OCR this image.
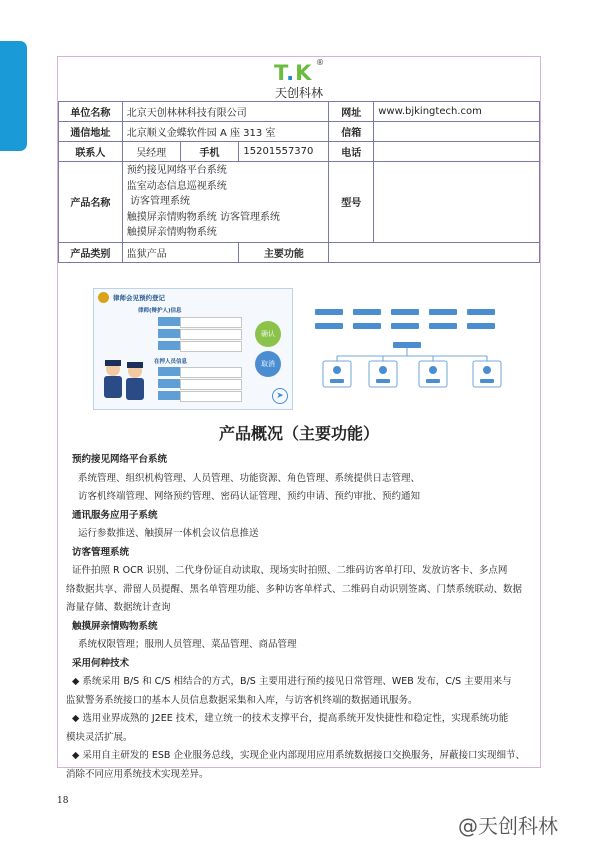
T.K ®
天创科林
单位名称	北京天创林林科技有限公司			网址	www.bjkingtech.com
通信地址	北京顺义金蝶软件园 A 座 313 室			信箱	
联系人	吴经理	手机	15201557370	电话	
产品名称	预约接见网络平台系统
监室动态信息巡视系统
访客管理系统
触摸屏亲情购物系统 访客管理系统
触摸屏亲情购物系统			型号	
产品类别	监狱产品		主要功能		
律师会见预约登记
律师(辩护人)信息
在押人员信息
确认
取消
➤
产品概况（主要功能）

预约接见网络平台系统

系统管理、组织机构管理、人员管理、功能资源、角色管理、系统提供日志管理、

访客机终端管理、网络预约管理、密码认证管理、预约申请、预约审批、预约通知

通讯服务应用子系统

运行参数推送、触摸屏一体机会议信息推送

访客管理系统

证件拍照 R OCR 识别、二代身份证自动读取、现场实时拍照、二维码访客单打印、发放访客卡、多点网

络数据共享、滞留人员提醒、黑名单管理功能、多种访客单样式、二维码自动识别签离、门禁系统联动、数据

海量存储、数据统计查询

触摸屏亲情购物系统

系统权限管理；服刑人员管理、菜品管理、商品管理

采用何种技术

◆ 系统采用 B/S 和 C/S 相结合的方式，B/S 主要用进行预约接见日常管理、WEB 发布，C/S 主要用来与

监狱警务系统接口的基本人员信息数据采集和入库，与访客机终端的数据通讯服务。

◆ 选用业界成熟的 J2EE 技术，建立统一的技术支撑平台，提高系统开发快捷性和稳定性，实现系统功能

模块灵活扩展。

◆ 采用自主研发的 ESB 企业服务总线，实现企业内部现用应用系统数据接口交换服务，屏蔽接口实现细节、

消除不同应用系统技术实现差异。

18
@天创科林
